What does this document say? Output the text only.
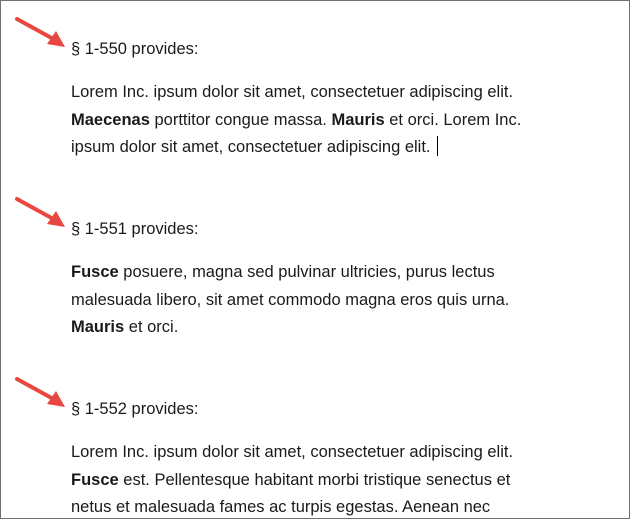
§ 1-550 provides:
Lorem Inc. ipsum dolor sit amet, consectetuer adipiscing elit.
Maecenas porttitor congue massa. Mauris et orci. Lorem Inc.
ipsum dolor sit amet, consectetuer adipiscing elit.
§ 1-551 provides:
Fusce posuere, magna sed pulvinar ultricies, purus lectus
malesuada libero, sit amet commodo magna eros quis urna.
Mauris et orci.
§ 1-552 provides:
Lorem Inc. ipsum dolor sit amet, consectetuer adipiscing elit.
Fusce est. Pellentesque habitant morbi tristique senectus et
netus et malesuada fames ac turpis egestas. Aenean nec
